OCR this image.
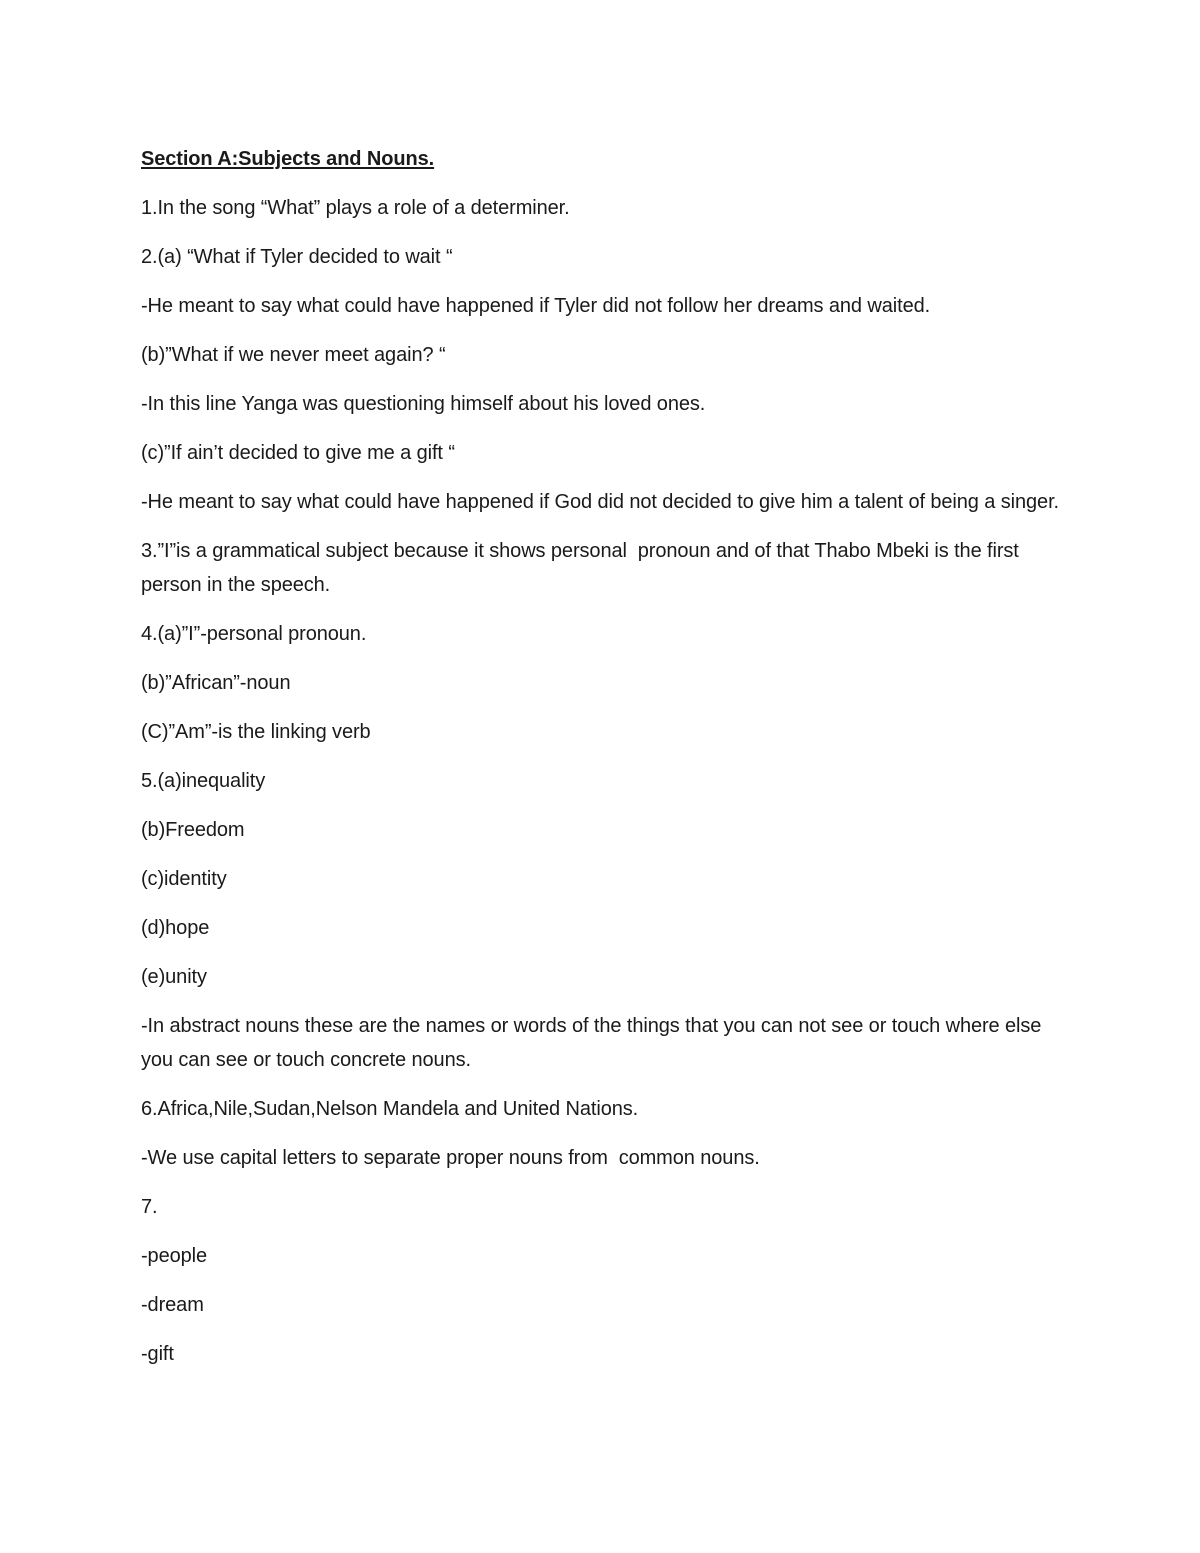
Section A:Subjects and Nouns.

1.In the song “What” plays a role of a determiner.

2.(a) “What if Tyler decided to wait “

-He meant to say what could have happened if Tyler did not follow her dreams and waited.

(b)”What if we never meet again? “

-In this line Yanga was questioning himself about his loved ones.

(c)”If ain’t decided to give me a gift “

-He meant to say what could have happened if God did not decided to give him a talent of being a singer.

3.”I”is a grammatical subject because it shows personal  pronoun and of that Thabo Mbeki is the first person in the speech.

4.(a)”I”-personal pronoun.

(b)”African”-noun

(C)”Am”-is the linking verb

5.(a)inequality

(b)Freedom

(c)identity

(d)hope

(e)unity

-In abstract nouns these are the names or words of the things that you can not see or touch where else you can see or touch concrete nouns.

6.Africa,Nile,Sudan,Nelson Mandela and United Nations.

-We use capital letters to separate proper nouns from  common nouns.

7.

-people

-dream

-gift
